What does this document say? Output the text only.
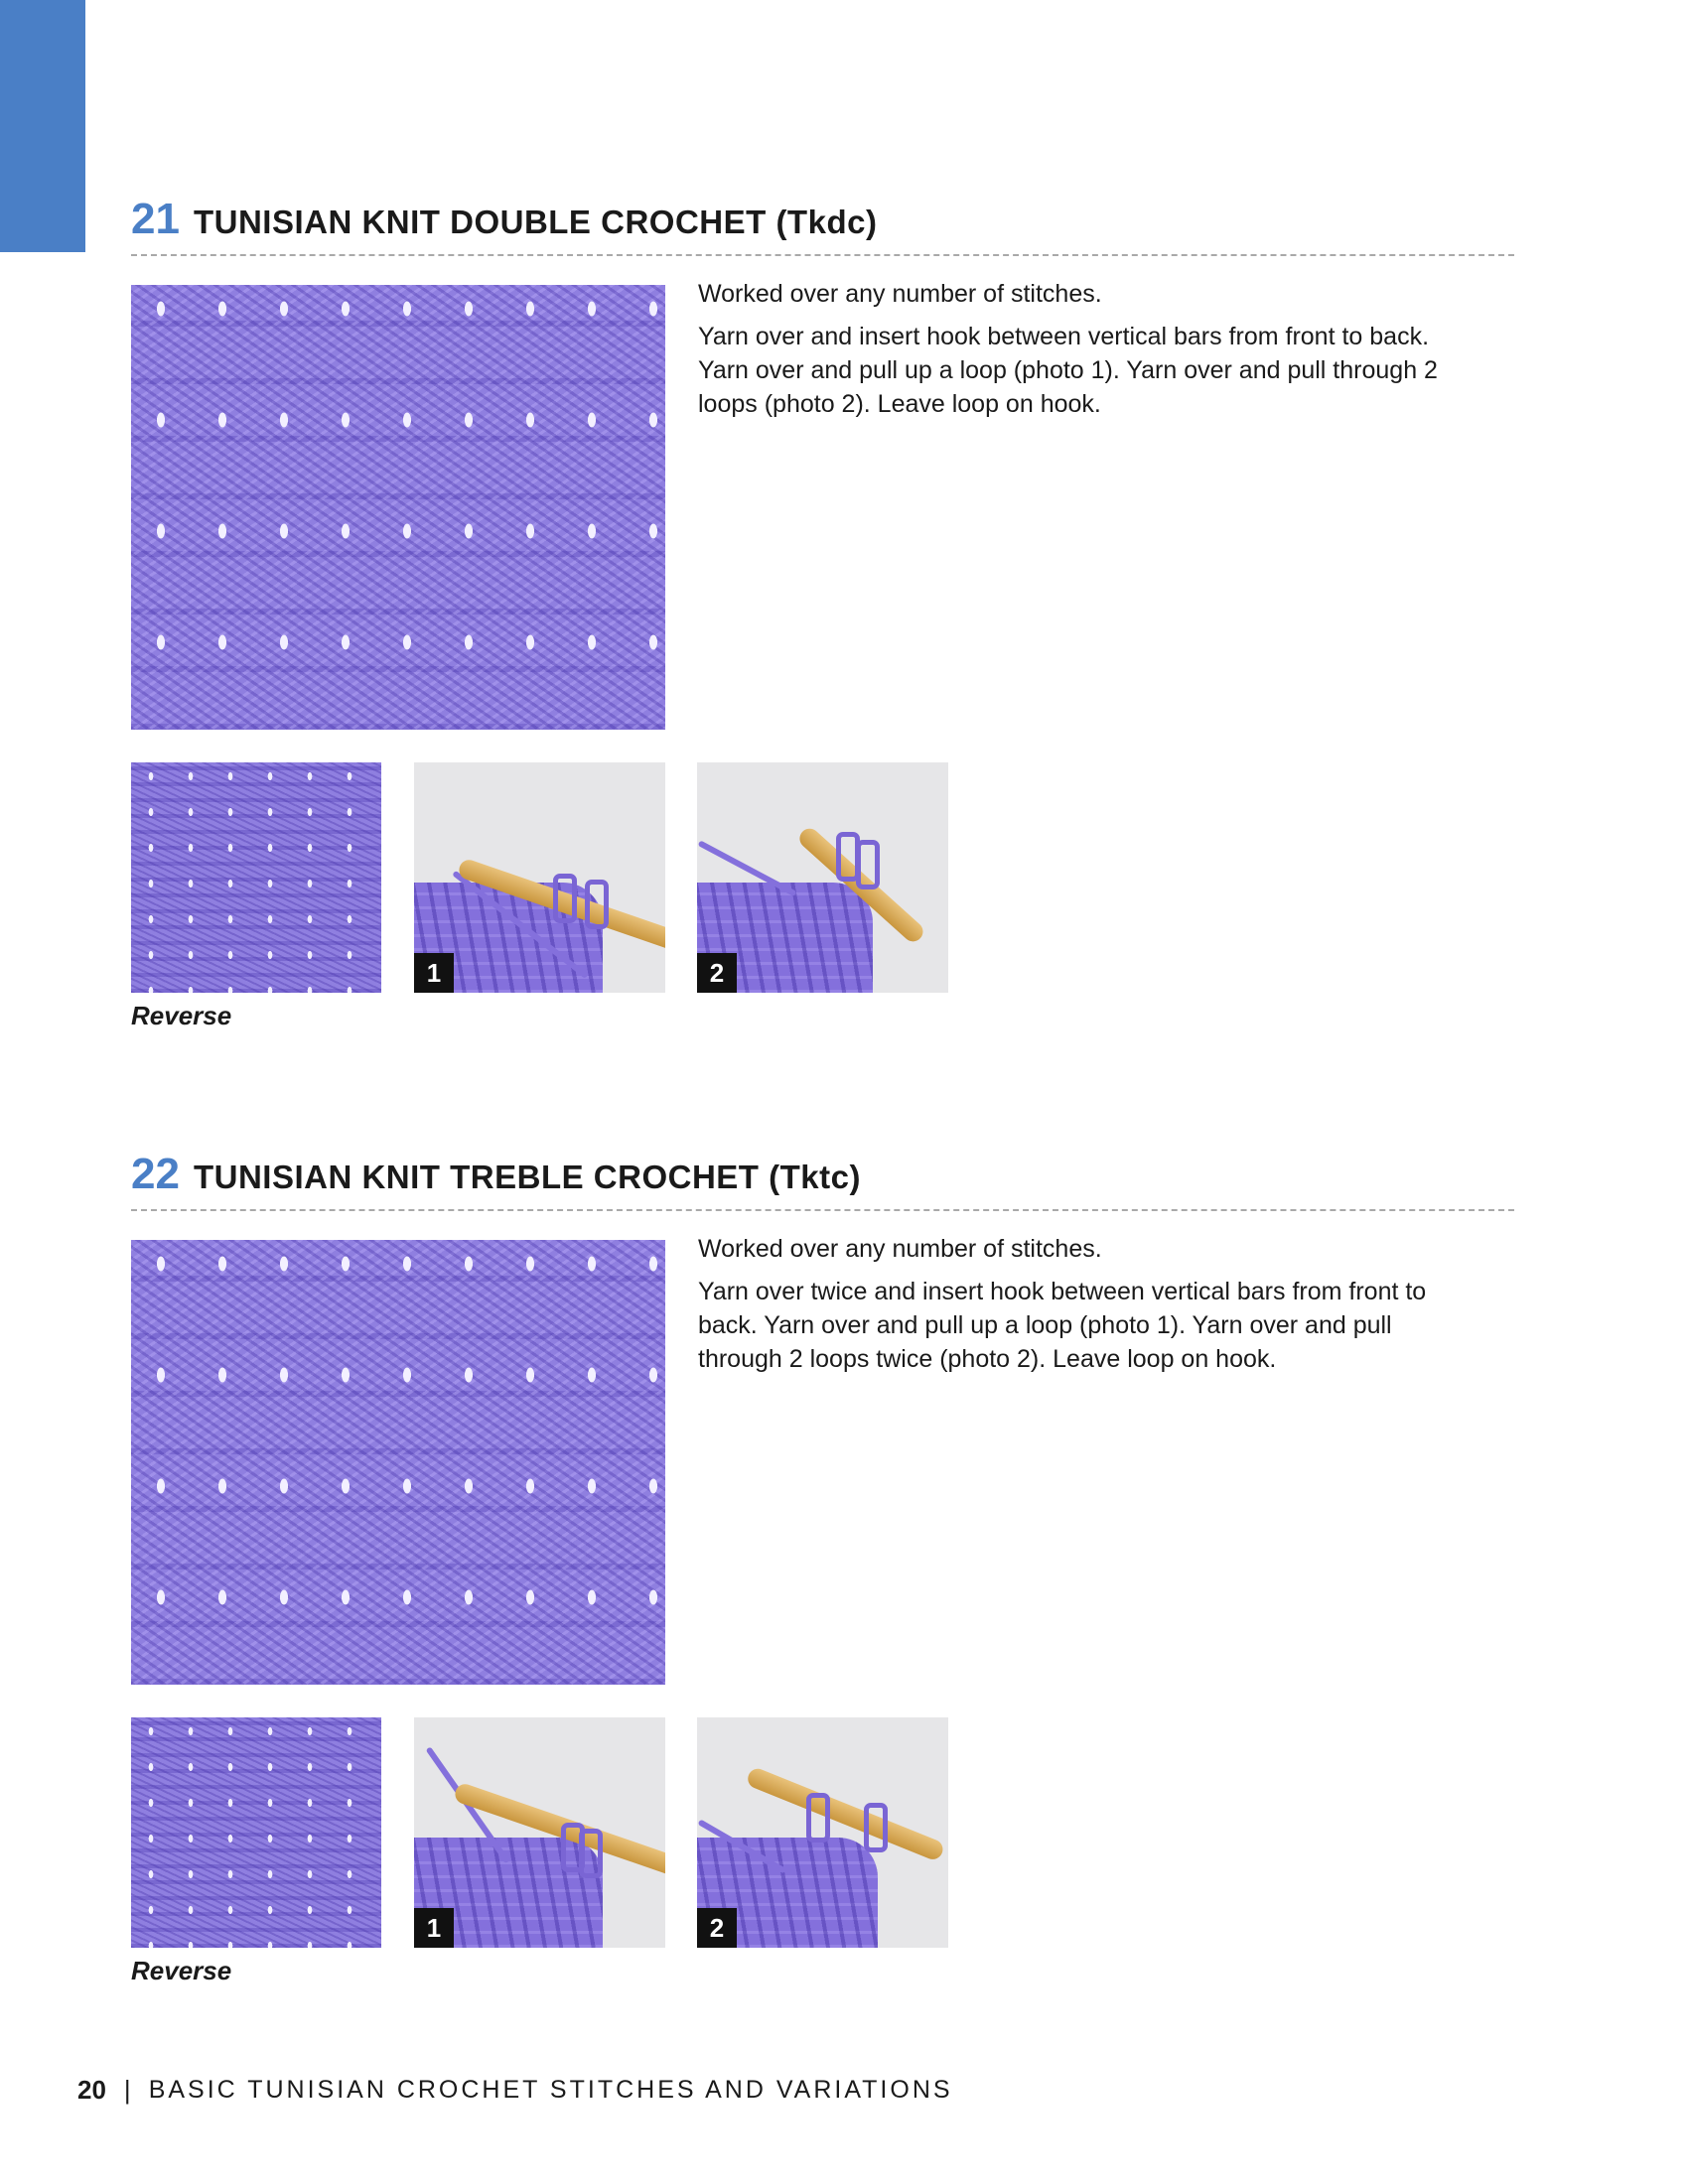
21 TUNISIAN KNIT DOUBLE CROCHET (Tkdc)

Worked over any number of stitches.

Yarn over and insert hook between vertical bars from front to back. Yarn over and pull up a loop (photo 1). Yarn over and pull through 2 loops (photo 2). Leave loop on hook.

Reverse
1	2
22 TUNISIAN KNIT TREBLE CROCHET (Tktc)

Worked over any number of stitches.

Yarn over twice and insert hook between vertical bars from front to back. Yarn over and pull up a loop (photo 1). Yarn over and pull through 2 loops twice (photo 2). Leave loop on hook.

Reverse
1	2
20 | BASIC TUNISIAN CROCHET STITCHES AND VARIATIONS
